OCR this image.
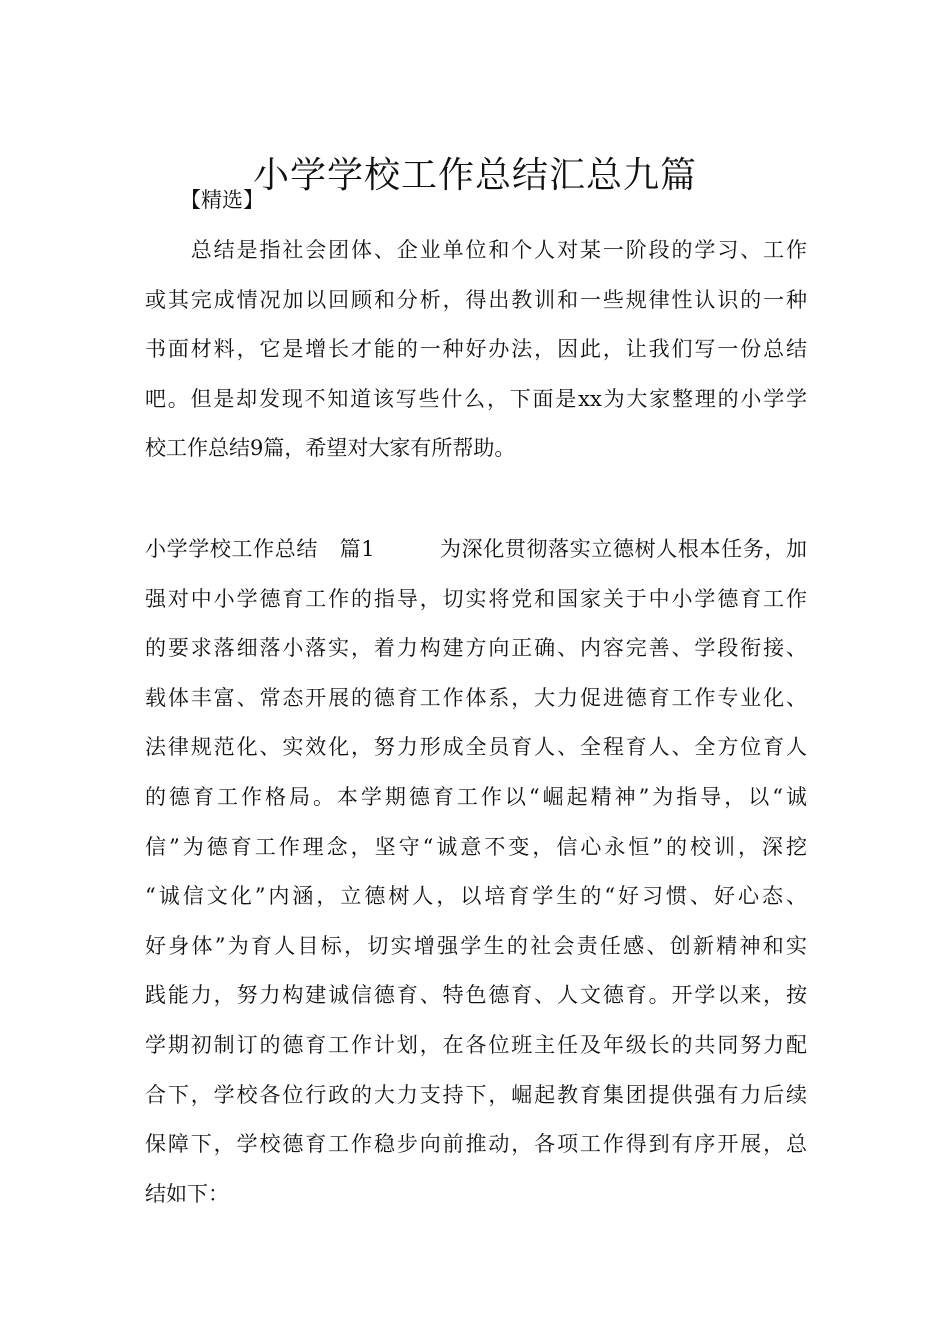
小学学校工作总结汇总九篇
【精选】
　　总结是指社会团体、企业单位和个人对某一阶段的学习、工作
或其完成情况加以回顾和分析，得出教训和一些规律性认识的一种
书面材料，它是增长才能的一种好办法，因此，让我们写一份总结
吧。但是却发现不知道该写些什么，下面是xx为大家整理的小学学
校工作总结9篇，希望对大家有所帮助。
小学学校工作总结　篇1　　　为深化贯彻落实立德树人根本任务，加
强对中小学德育工作的指导，切实将党和国家关于中小学德育工作
的要求落细落小落实，着力构建方向正确、内容完善、学段衔接、
载体丰富、常态开展的德育工作体系，大力促进德育工作专业化、
法律规范化、实效化，努力形成全员育人、全程育人、全方位育人
的德育工作格局。本学期德育工作以“崛起精神”为指导，以“诚
信”为德育工作理念，坚守“诚意不变，信心永恒”的校训，深挖
“诚信文化”内涵，立德树人，以培育学生的“好习惯、好心态、
好身体”为育人目标，切实增强学生的社会责任感、创新精神和实
践能力，努力构建诚信德育、特色德育、人文德育。开学以来，按
学期初制订的德育工作计划，在各位班主任及年级长的共同努力配
合下，学校各位行政的大力支持下，崛起教育集团提供强有力后续
保障下，学校德育工作稳步向前推动，各项工作得到有序开展，总
结如下：
